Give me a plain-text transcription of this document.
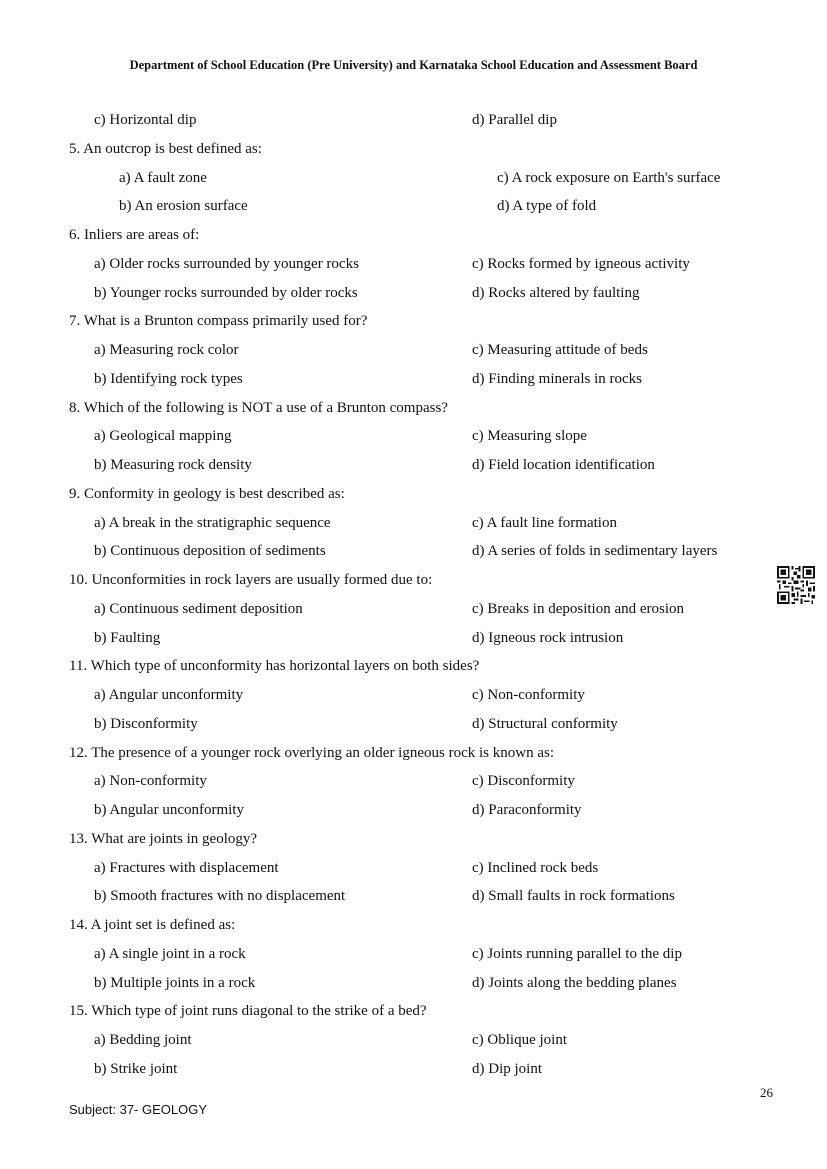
Department of School Education (Pre University) and Karnataka School Education and Assessment Board
c) Horizontal dip	d) Parallel dip
5. An outcrop is best defined as:
a) A fault zone	c) A rock exposure on Earth's surface
b) An erosion surface	d) A type of fold
6. Inliers are areas of:
a) Older rocks surrounded by younger rocks	c) Rocks formed by igneous activity
b) Younger rocks surrounded by older rocks	d) Rocks altered by faulting
7. What is a Brunton compass primarily used for?
a) Measuring rock color	c) Measuring attitude of beds
b) Identifying rock types	d) Finding minerals in rocks
8. Which of the following is NOT a use of a Brunton compass?
a) Geological mapping	c) Measuring slope
b) Measuring rock density	d) Field location identification
9. Conformity in geology is best described as:
a) A break in the stratigraphic sequence	c) A fault line formation
b) Continuous deposition of sediments	d) A series of folds in sedimentary layers
10. Unconformities in rock layers are usually formed due to:
a) Continuous sediment deposition	c) Breaks in deposition and erosion
b) Faulting	d) Igneous rock intrusion
11. Which type of unconformity has horizontal layers on both sides?
a) Angular unconformity	c) Non-conformity
b) Disconformity	d) Structural conformity
12. The presence of a younger rock overlying an older igneous rock is known as:
a) Non-conformity	c) Disconformity
b) Angular unconformity	d) Paraconformity
13. What are joints in geology?
a) Fractures with displacement	c) Inclined rock beds
b) Smooth fractures with no displacement	d) Small faults in rock formations
14. A joint set is defined as:
a) A single joint in a rock	c) Joints running parallel to the dip
b) Multiple joints in a rock	d) Joints along the bedding planes
15. Which type of joint runs diagonal to the strike of a bed?
a) Bedding joint	c) Oblique joint
b) Strike joint	d) Dip joint
26
Subject: 37- GEOLOGY
